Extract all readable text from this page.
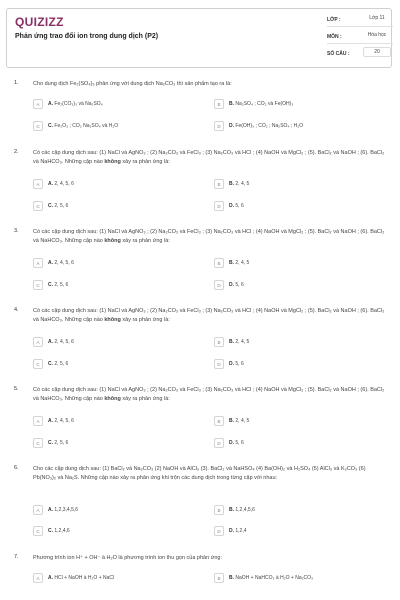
QUIZIZZ
Phản ứng trao đổi ion trong dung dịch (P2)
LỚP :	Lớp 11
MÔN :	Hóa học
SỐ CÂU :	20
1.	Cho dung dịch Fe₂(SO₄)₃ phản ứng với dung dịch Na₂CO₃ thì sản phẩm tạo ra là:
A	A. Fe₂(CO₃)₃ và Na₂SO₄	B	B. Na₂SO₄ ; CO₂ và Fe(OH)₃
C	C. Fe₂O₃ ; CO₂ Na₂SO₄ và H₂O	D	D. Fe(OH)₃ ; CO₂ ; Na₂SO₄ ; H₂O
2.	Có các cặp dung dịch sau: (1) NaCl và AgNO₃ ; (2) Na₂CO₃ và FeCl₃ ; (3) Na₂CO₃ và HCl ; (4) NaOH và MgCl₂ ; (5). BaCl₂ và NaOH ; (6). BaCl₂ và NaHCO₃. Những cặp nào không xảy ra phản ứng là:
A	A. 2, 4, 5, 6	B	B. 2, 4, 5
C	C. 2, 5, 6	D	D. 5, 6
3.	Có các cặp dung dịch sau: (1) NaCl và AgNO₃ ; (2) Na₂CO₃ và FeCl₃ ; (3) Na₂CO₃ và HCl ; (4) NaOH và MgCl₂ ; (5). BaCl₂ và NaOH ; (6). BaCl₂ và NaHCO₃. Những cặp nào không xảy ra phản ứng là:
A	A. 2, 4, 5, 6	B	B. 2, 4, 5
C	C. 2, 5, 6	D	D. 5, 6
4.	Có các cặp dung dịch sau: (1) NaCl và AgNO₃ ; (2) Na₂CO₃ và FeCl₃ ; (3) Na₂CO₃ và HCl ; (4) NaOH và MgCl₂ ; (5). BaCl₂ và NaOH ; (6). BaCl₂ và NaHCO₃. Những cặp nào không xảy ra phản ứng là:
A	A. 2, 4, 5, 6	B	B. 2, 4, 5
C	C. 2, 5, 6	D	D. 5, 6
5.	Có các cặp dung dịch sau: (1) NaCl và AgNO₃ ; (2) Na₂CO₃ và FeCl₃ ; (3) Na₂CO₃ và HCl ; (4) NaOH và MgCl₂ ; (5). BaCl₂ và NaOH ; (6). BaCl₂ và NaHCO₃. Những cặp nào không xảy ra phản ứng là:
A	A. 2, 4, 5, 6	B	B. 2, 4, 5
C	C. 2, 5, 6	D	D. 5, 6
6.	Cho các cặp dung dịch sau: (1) BaCl₂ và Na₂CO₃ (2) NaOH và AlCl₃ (3). BaCl₂ và NaHSO₄ (4) Ba(OH)₂ và H₂SO₄ (5) AlCl₃ và K₂CO₃ (6) Pb(NO₃)₂ và Na₂S. Những cặp nào xảy ra phản ứng khi trộn các dung dịch trong từng cặp với nhau:
A	A. 1,2,3,4,5,6	B	B. 1,2,4,5,6
C	C. 1,2,4,6	D	D. 1,2,4
7.	Phương trình ion H⁺ + OH⁻ à H₂O là phương trình ion thu gọn của phản ứng:
A	A. HCl + NaOH à H₂O + NaCl	B	B. NaOH + NaHCO₃ à H₂O + Na₂CO₃
